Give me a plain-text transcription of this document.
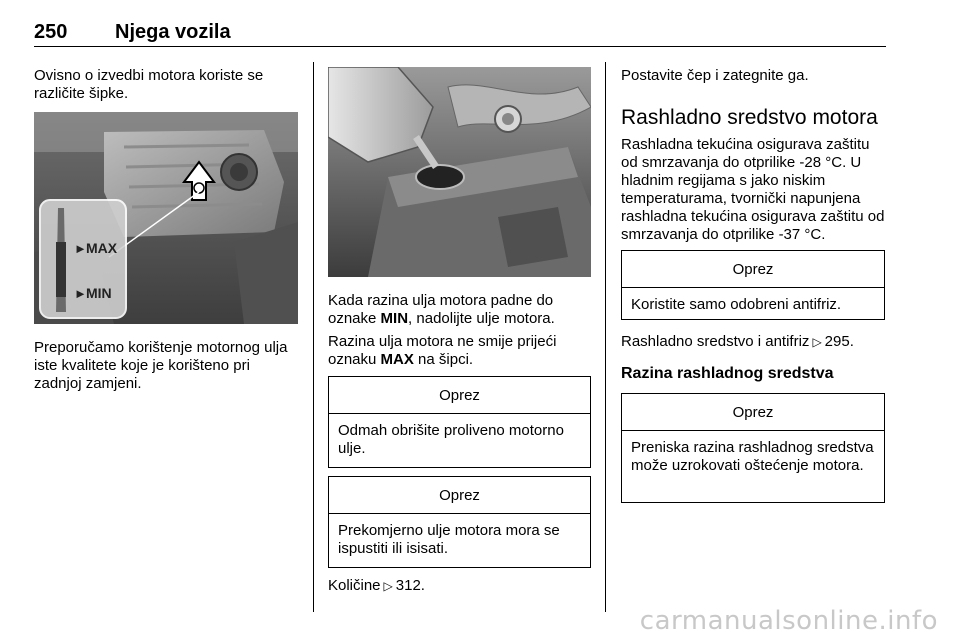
250 Njega vozila
Ovisno o izvedbi motora koriste se različite šipke.
► MAX
► MIN
Preporučamo korištenje motornog ulja iste kvalitete koje je korišteno pri zadnjoj zamjeni.
Kada razina ulja motora padne do oznake MIN, nadolijte ulje motora.
Razina ulja motora ne smije prijeći oznaku MAX na šipci.
Oprez
Odmah obrišite proliveno motorno ulje.
Oprez
Prekomjerno ulje motora mora se ispustiti ili isisati.
Količine ▷ 312.
Postavite čep i zategnite ga.
Rashladno sredstvo motora
Rashladna tekućina osigurava zaštitu od smrzavanja do otprilike -28 °C. U hladnim regijama s jako niskim temperaturama, tvornički napunjena rashladna tekućina osigurava zaštitu od smrzavanja do otprilike -37 °C.
Oprez
Koristite samo odobreni antifriz.
Rashladno sredstvo i antifriz ▷ 295.
Razina rashladnog sredstva
Oprez
Preniska razina rashladnog sredstva može uzrokovati oštećenje motora.
carmanualsonline.info
